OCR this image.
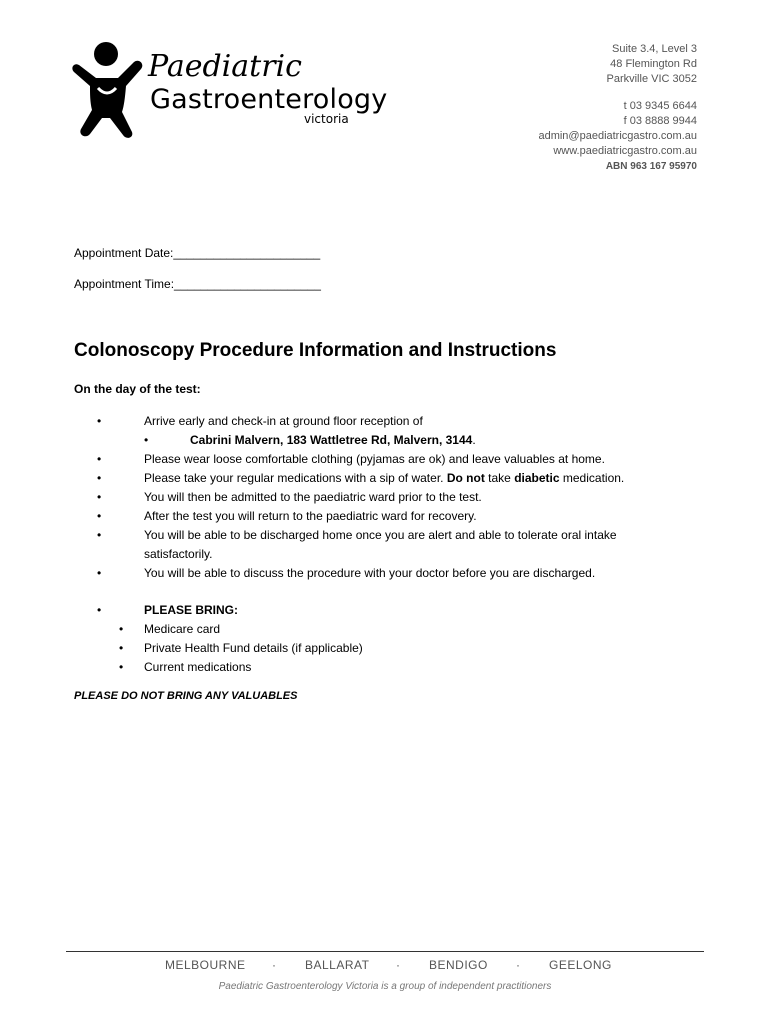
Paediatric
Gastroenterology
victoria
Suite 3.4, Level 3
48 Flemington Rd
Parkville VIC 3052
t 03 9345 6644
f 03 8888 9944
admin@paediatricgastro.com.au
www.paediatricgastro.com.au
ABN 963 167 95970
Appointment Date:______________________
Appointment Time:______________________
Colonoscopy Procedure Information and Instructions
On the day of the test:
•	Arrive early and check-in at ground floor reception of
•	Cabrini Malvern, 183 Wattletree Rd, Malvern, 3144.
•	Please wear loose comfortable clothing (pyjamas are ok) and leave valuables at home.
•	Please take your regular medications with a sip of water. Do not take diabetic medication.
•	You will then be admitted to the paediatric ward prior to the test.
•	After the test you will return to the paediatric ward for recovery.
•	You will be able to be discharged home once you are alert and able to tolerate oral intake satisfactorily.
•	You will be able to discuss the procedure with your doctor before you are discharged.
•	PLEASE BRING:
• Medicare card
• Private Health Fund details (if applicable)
• Current medications
PLEASE DO NOT BRING ANY VALUABLES
MELBOURNE · BALLARAT · BENDIGO · GEELONG
Paediatric Gastroenterology Victoria is a group of independent practitioners
